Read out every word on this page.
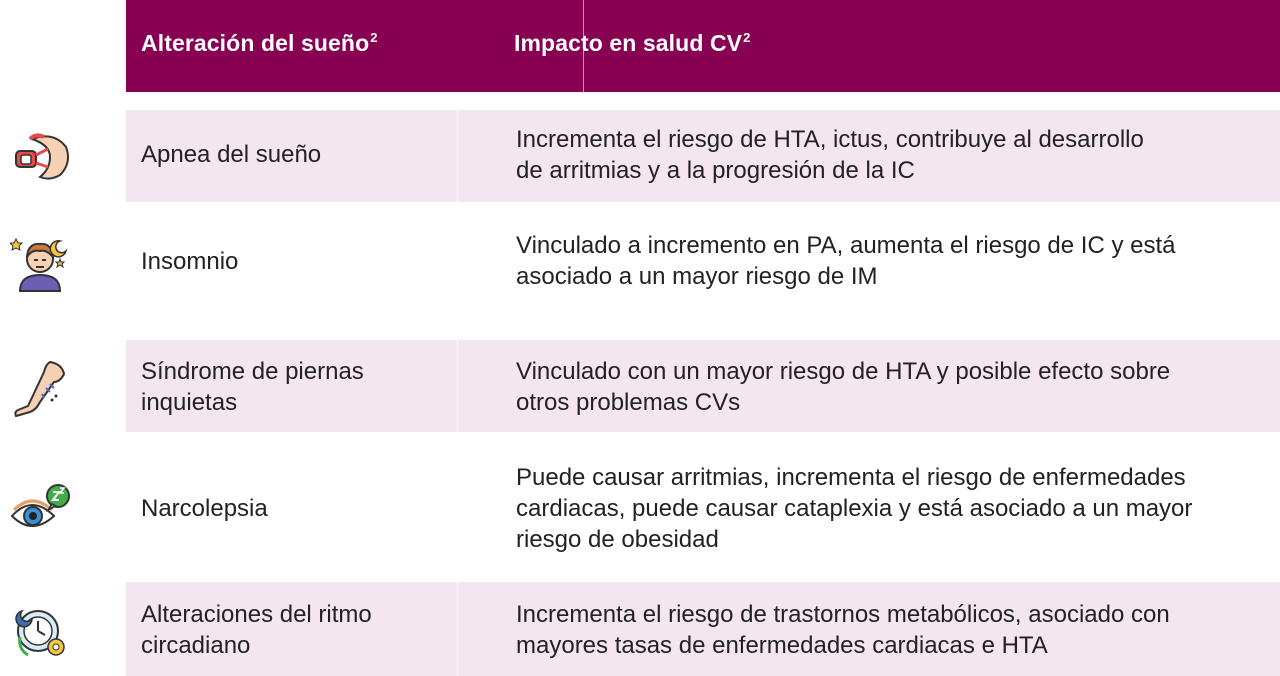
Alteración del sueño$^2$	Impacto en salud $CV^2$
Apnea del sueño
Incrementa el riesgo de HTA, ictus, contribuye al desarrollo
de arritmias y a la progresión de la IC
Insomnio
Vinculado a incremento en PA, aumenta el riesgo de IC y está
asociado a un mayor riesgo de IM
Síndrome de piernas
inquietas
Vinculado con un mayor riesgo de HTA y posible efecto sobre
otros problemas CVs
Narcolepsia
Puede causar arritmias, incrementa el riesgo de enfermedades
cardiacas, puede causar cataplexia y está asociado a un mayor
riesgo de obesidad
Alteraciones del ritmo
circadiano
Incrementa el riesgo de trastornos metabólicos, asociado con
mayores tasas de enfermedades cardiacas e HTA
